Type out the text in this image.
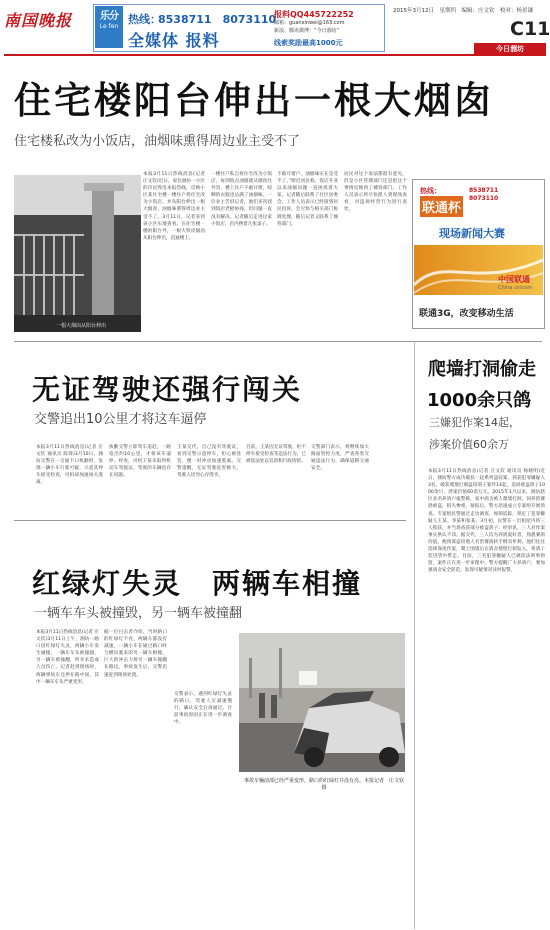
南国晚报	乐分
Le fen
热线：
8538711　8073110
全媒体 报料
报料QQ445722252
邮箱：guanxinwei@163.com
新浪、腾讯微博：“今日涠坊”
线索奖励最高1000元
2015年3月12日　星期四　编辑：庄文钦　校对：杨景谦
C11
今日涠坊
住宅楼阳台伸出一根大烟囱
住宅楼私改为小饭店，油烟味熏得周边业主受不了
一根大烟囱从阳台伸出
本报3月11日热线消息(记者 庄文钦)近日，家住涠坊一小区的市民致电本报热线，反映小区某住宅楼一楼住户将住宅改为小饭店，并从阳台伸出一根大烟囱，油烟味熏得周边业主受不了。3月11日，记者来到该小区实地查看。在住宅楼一楼的阳台外，一根大铁皮烟囱从阳台伸出，直通楼上。
一楼住户私自将住宅改为小饭店，每到饭点油烟就从烟囱往外冒，楼上住户不敢开窗，晾晒的衣服也沾满了油烟味。一位业主告诉记者，他们多次找到饭店老板协商，但问题一直没有解决。记者随后走进这家小饭店，店内摆着几张桌子。
不敢开窗户，油烟味实在是受不了。”附近居民称，饭店开业以来油烟问题一直困扰着大家。记者随后联系了社区居委会，工作人员表示已经接到居民投诉，会尽快与相关部门协调处理。随后记者又联系了城管部门。
居民对这个说法都很有意见，但是小区管理部门还是把这个事情反映到了城管部门。工作人员表示将尽快派人到现场查看，对违规经营行为进行查处。
热线：	8538711
8073110
联通杯
现场新闻大赛
中国联通
China unicom
联通3G，改变移动生活
无证驾驶还强行闯关
交警追出10公里才将这车逼停
本报3月11日热线消息(记者 庄文钦 通讯员 陈锋)3月10日，涠坊交警在一交通卡口执勤时，发现一辆小车行驶可疑，示意其停车接受检查，司机却加速闯关逃离。
执勤交警立即驾车追赶，一路追出约10公里，才将该车逼停。经查，司机王某未取得机动车驾驶证，驾驶的车辆也存在问题。
王某交代，自己没有驾驶证，看到交警示意停车，担心被处罚，便一时冲动加速逃离。交警提醒，无证驾驶危害极大，驾驶人切勿心存侥幸。
目前，王某因无证驾驶、拒不停车接受检查等违法行为，已被依法处以罚款和行政拘留。
交警部门表示，将继续加大路面管控力度，严查各类交通违法行为，确保道路交通安全。
红绿灯失灵　两辆车相撞
一辆车车头被撞毁，另一辆车被撞翻
本报3月11日热线消息(记者 庄文钦)3月11日上午，涠坊一路口因红绿灯失灵，两辆小车发生碰撞，一辆车车头被撞毁，另一辆车被撞翻，所幸未造成人员伤亡。记者赶到现场时，两辆事故车还停在路中间，其中一辆车车头严重变形。
据一位目击者介绍，当时路口的红绿灯不亮，两辆车都没有减速，一辆小车在通过路口时与横向驶来的另一辆车相撞，巨大的冲击力将另一辆车撞翻在路边。事故发生后，交警迅速赶到现场处置。
交警表示，遇到红绿灯失灵的路口，驾驶人应减速慢行，确认安全后再通过。目前事故原因正在进一步调查中。
事故车辆前部已经严重变形，路口的红绿灯并没有亮。本报记者　庄文钦　摄
爬墙打洞偷走
1000余只鸽
三嫌犯作案14起，
涉案价值60余万
本报3月11日热线消息(记者 庄文钦 通讯员 杨晓明)近日，涠坊警方成功破获一起系列盗窃案，抓获犯罪嫌疑人3名，破获爬墙打洞盗窃鸽子案件14起，追回被盗鸽子1000余只，涉案价值60余万元。2015年1月以来，涠坊辖区多名养鸽户报警称，家中鸽舍被人爬墙打洞，饲养的赛鸽被盗，损失惨重。接报后，警方迅速成立专案组开展侦查。专案组民警通过走访调查、视频追踪，锁定了犯罪嫌疑人王某、李某和张某。3月初，民警在一出租屋内将三人抓获，并当场查获部分被盗鸽子。经审讯，三人对作案事实供认不讳。据交代，三人均为养鸽爱好者，熟悉赛鸽价值，便预谋盗窃他人名贵赛鸽转手倒卖牟利。他们往往选择深夜作案，爬上围墙后在鸽舍墙壁打洞钻入，将鸽子装进袋中带走。目前，三名犯罪嫌疑人已被依法刑事拘留，案件正在进一步审理中。警方提醒广大养鸽户，要加强鸽舍安全防范，发现可疑情况及时报警。
